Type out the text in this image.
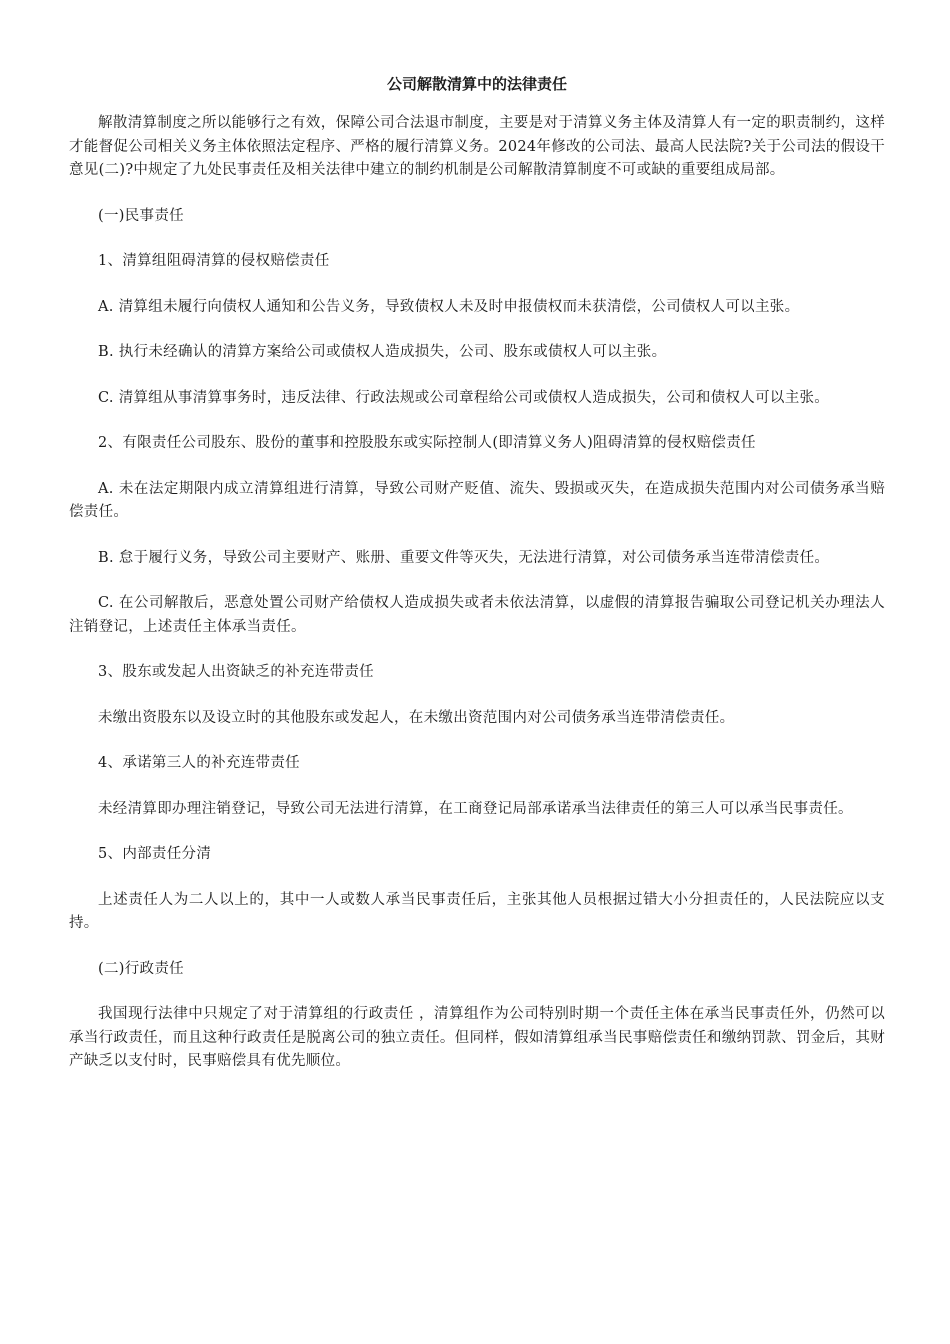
公司解散清算中的法律责任

解散清算制度之所以能够行之有效，保障公司合法退市制度，主要是对于清算义务主体及清算人有一定的职责制约，这样才能督促公司相关义务主体依照法定程序、严格的履行清算义务。2024年修改的公司法、最高人民法院?关于公司法的假设干意见(二)?中规定了九处民事责任及相关法律中建立的制约机制是公司解散清算制度不可或缺的重要组成局部。

(一)民事责任

1、清算组阻碍清算的侵权赔偿责任

A. 清算组未履行向债权人通知和公告义务，导致债权人未及时申报债权而未获清偿，公司债权人可以主张。

B. 执行未经确认的清算方案给公司或债权人造成损失，公司、股东或债权人可以主张。

C. 清算组从事清算事务时，违反法律、行政法规或公司章程给公司或债权人造成损失，公司和债权人可以主张。

2、有限责任公司股东、股份的董事和控股股东或实际控制人(即清算义务人)阻碍清算的侵权赔偿责任

A. 未在法定期限内成立清算组进行清算，导致公司财产贬值、流失、毁损或灭失，在造成损失范围内对公司债务承当赔偿责任。

B. 怠于履行义务，导致公司主要财产、账册、重要文件等灭失，无法进行清算，对公司债务承当连带清偿责任。

C. 在公司解散后，恶意处置公司财产给债权人造成损失或者未依法清算，以虚假的清算报告骗取公司登记机关办理法人注销登记，上述责任主体承当责任。

3、股东或发起人出资缺乏的补充连带责任

未缴出资股东以及设立时的其他股东或发起人，在未缴出资范围内对公司债务承当连带清偿责任。

4、承诺第三人的补充连带责任

未经清算即办理注销登记，导致公司无法进行清算，在工商登记局部承诺承当法律责任的第三人可以承当民事责任。

5、内部责任分清

上述责任人为二人以上的，其中一人或数人承当民事责任后，主张其他人员根据过错大小分担责任的，人民法院应以支持。

(二)行政责任

我国现行法律中只规定了对于清算组的行政责任 ，清算组作为公司特别时期一个责任主体在承当民事责任外，仍然可以承当行政责任，而且这种行政责任是脱离公司的独立责任。但同样，假如清算组承当民事赔偿责任和缴纳罚款、罚金后，其财产缺乏以支付时，民事赔偿具有优先顺位。
